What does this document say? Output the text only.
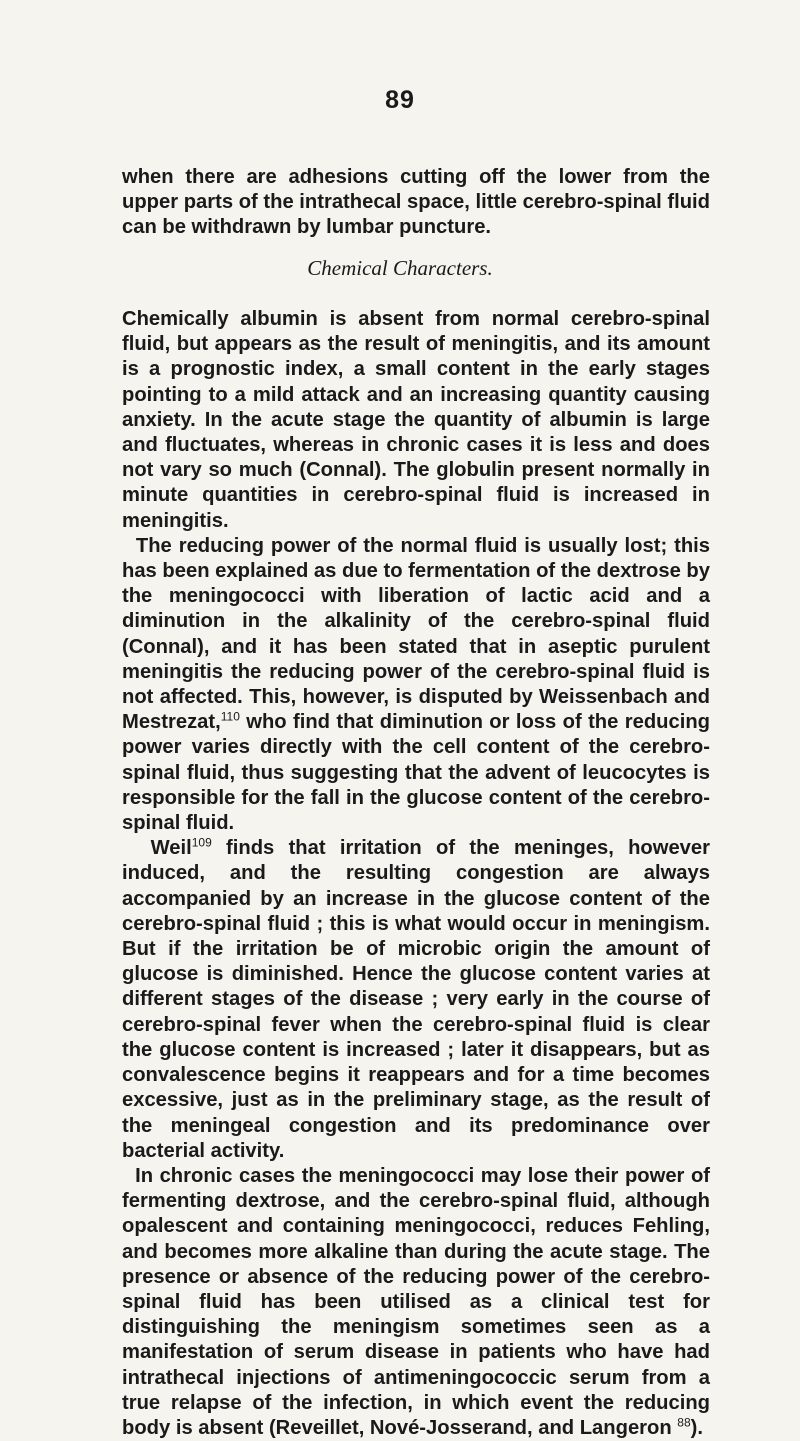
89

when there are adhesions cutting off the lower from the upper parts of the intrathecal space, little cerebro-spinal fluid can be withdrawn by lumbar puncture.

Chemical Characters.

Chemically albumin is absent from normal cerebro-spinal fluid, but appears as the result of meningitis, and its amount is a prognostic index, a small content in the early stages pointing to a mild attack and an increasing quantity causing anxiety. In the acute stage the quantity of albumin is large and fluctuates, whereas in chronic cases it is less and does not vary so much (Connal). The globulin present normally in minute quantities in cerebro-spinal fluid is increased in meningitis.

The reducing power of the normal fluid is usually lost; this has been explained as due to fermentation of the dextrose by the meningococci with liberation of lactic acid and a diminution in the alkalinity of the cerebro-spinal fluid (Connal), and it has been stated that in aseptic purulent meningitis the reducing power of the cerebro-spinal fluid is not affected. This, however, is disputed by Weissenbach and Mestrezat,$^{110}$ who find that diminution or loss of the reducing power varies directly with the cell content of the cerebro-spinal fluid, thus suggesting that the advent of leucocytes is responsible for the fall in the glucose content of the cerebro-spinal fluid.

Weil$^{109}$ finds that irritation of the meninges, however induced, and the resulting congestion are always accompanied by an increase in the glucose content of the cerebro-spinal fluid ; this is what would occur in meningism. But if the irritation be of microbic origin the amount of glucose is diminished. Hence the glucose content varies at different stages of the disease ; very early in the course of cerebro-spinal fever when the cerebro-spinal fluid is clear the glucose content is increased ; later it disappears, but as convalescence begins it reappears and for a time becomes excessive, just as in the preliminary stage, as the result of the meningeal congestion and its predominance over bacterial activity.

In chronic cases the meningococci may lose their power of fermenting dextrose, and the cerebro-spinal fluid, although opalescent and containing meningococci, reduces Fehling, and becomes more alkaline than during the acute stage. The presence or absence of the reducing power of the cerebro-spinal fluid has been utilised as a clinical test for distinguishing the meningism sometimes seen as a manifestation of serum disease in patients who have had intrathecal injections of antimeningococcic serum from a true relapse of the infection, in which event the reducing body is absent (Reveillet, Nové-Josserand, and Langeron $^{88}$).
